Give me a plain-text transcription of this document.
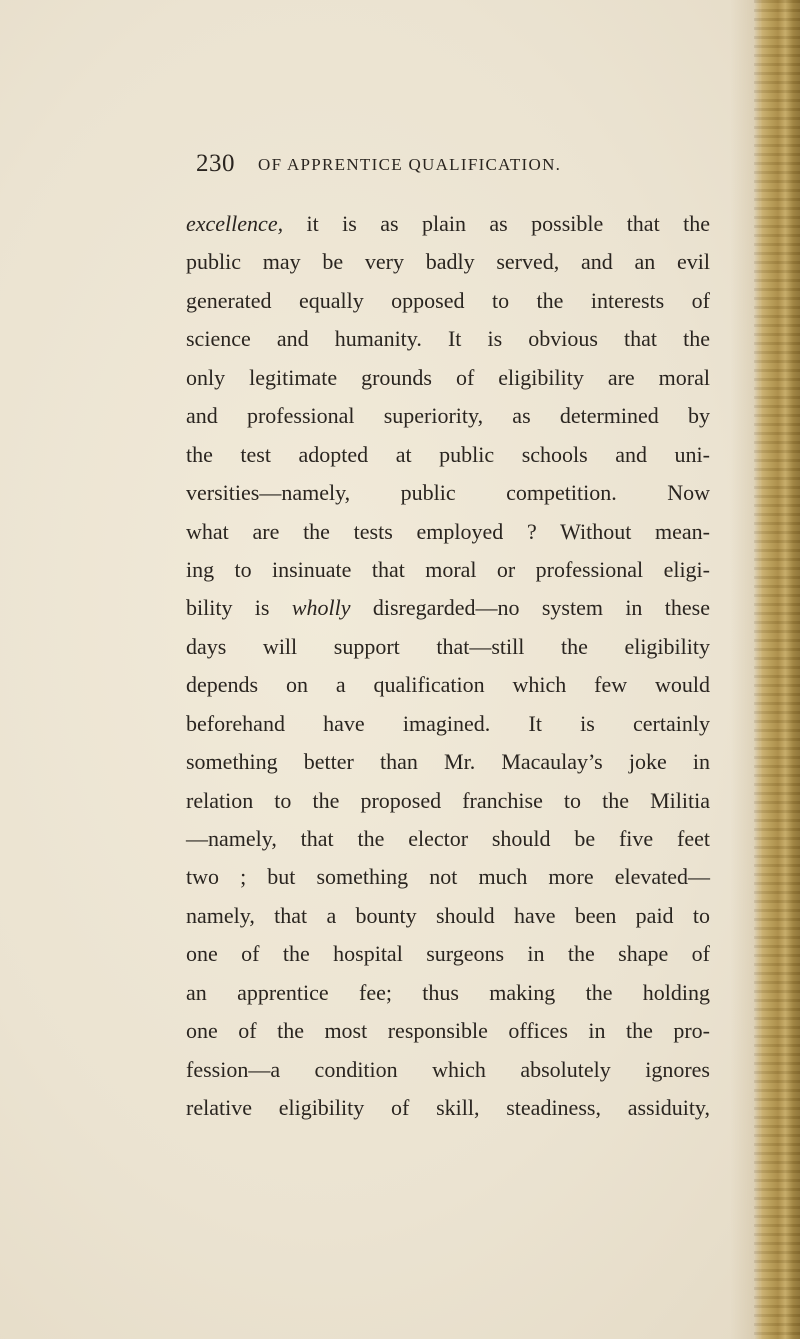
230 OF APPRENTICE QUALIFICATION.
excellence, it is as plain as possible that the
public may be very badly served, and an evil
generated equally opposed to the interests of
science and humanity. It is obvious that the
only legitimate grounds of eligibility are moral
and professional superiority, as determined by
the test adopted at public schools and uni-
versities—namely, public competition. Now
what are the tests employed ? Without mean-
ing to insinuate that moral or professional eligi-
bility is wholly disregarded—no system in these
days will support that—still the eligibility
depends on a qualification which few would
beforehand have imagined. It is certainly
something better than Mr. Macaulay’s joke in
relation to the proposed franchise to the Militia
—namely, that the elector should be five feet
two ; but something not much more elevated—
namely, that a bounty should have been paid to
one of the hospital surgeons in the shape of
an apprentice fee; thus making the holding
one of the most responsible offices in the pro-
fession—a condition which absolutely ignores
relative eligibility of skill, steadiness, assiduity,
